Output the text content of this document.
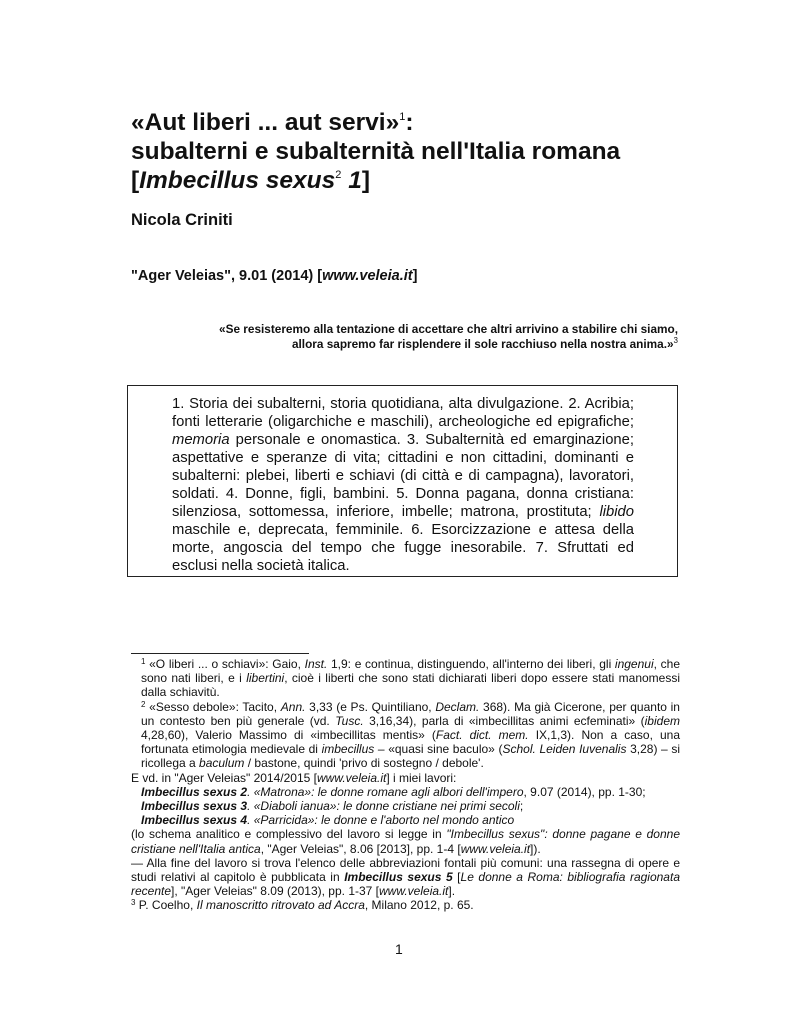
«Aut liberi ... aut servi»$^1$:
subalterni e subalternità nell'Italia romana
[Imbecillus sexus$^2$ 1]
Nicola Criniti
"Ager Veleias", 9.01 (2014) [www.veleia.it]
«Se resisteremo alla tentazione di accettare che altri arrivino a stabilire chi siamo,
allora sapremo far risplendere il sole racchiuso nella nostra anima.»$^3$
1. Storia dei subalterni, storia quotidiana, alta divulgazione. 2. Acribia; fonti letterarie (oligarchiche e maschili), archeologiche ed epigrafiche; memoria personale e onomastica. 3. Subalternità ed emarginazione; aspettative e speranze di vita; cittadini e non cittadini, dominanti e subalterni: plebei, liberti e schiavi (di città e di campagna), lavoratori, soldati. 4. Donne, figli, bambini. 5. Donna pagana, donna cristiana: silenziosa, sottomessa, inferiore, imbelle; matrona, prostituta; libido maschile e, deprecata, femminile. 6. Esorcizzazione e attesa della morte, angoscia del tempo che fugge inesorabile. 7. Sfruttati ed esclusi nella società italica.

$^1$ «O liberi ... o schiavi»: Gaio, Inst. 1,9: e continua, distinguendo, all'interno dei liberi, gli ingenui, che sono nati liberi, e i libertini, cioè i liberti che sono stati dichiarati liberi dopo essere stati manomessi dalla schiavitù.

$^2$ «Sesso debole»: Tacito, Ann. 3,33 (e Ps. Quintiliano, Declam. 368). Ma già Cicerone, per quanto in un contesto ben più generale (vd. Tusc. 3,16,34), parla di «imbecillitas animi ecfeminati» (ibidem 4,28,60), Valerio Massimo di «imbecillitas mentis» (Fact. dict. mem. IX,1,3). Non a caso, una fortunata etimologia medievale di imbecillus – «quasi sine baculo» (Schol. Leiden Iuvenalis 3,28) – si ricollega a baculum / bastone, quindi 'privo di sostegno / debole'.

E vd. in "Ager Veleias" 2014/2015 [www.veleia.it] i miei lavori:

Imbecillus sexus 2. «Matrona»: le donne romane agli albori dell'impero, 9.07 (2014), pp. 1-30;

Imbecillus sexus 3. «Diaboli ianua»: le donne cristiane nei primi secoli;

Imbecillus sexus 4. «Parricida»: le donne e l'aborto nel mondo antico

(lo schema analitico e complessivo del lavoro si legge in "Imbecillus sexus": donne pagane e donne cristiane nell'Italia antica, "Ager Veleias", 8.06 [2013], pp. 1-4 [www.veleia.it]).

— Alla fine del lavoro si trova l'elenco delle abbreviazioni fontali più comuni: una rassegna di opere e studi relativi al capitolo è pubblicata in Imbecillus sexus 5 [Le donne a Roma: bibliografia ragionata recente], "Ager Veleias" 8.09 (2013), pp. 1-37 [www.veleia.it].

$^3$ P. Coelho, Il manoscritto ritrovato ad Accra, Milano 2012, p. 65.

1
